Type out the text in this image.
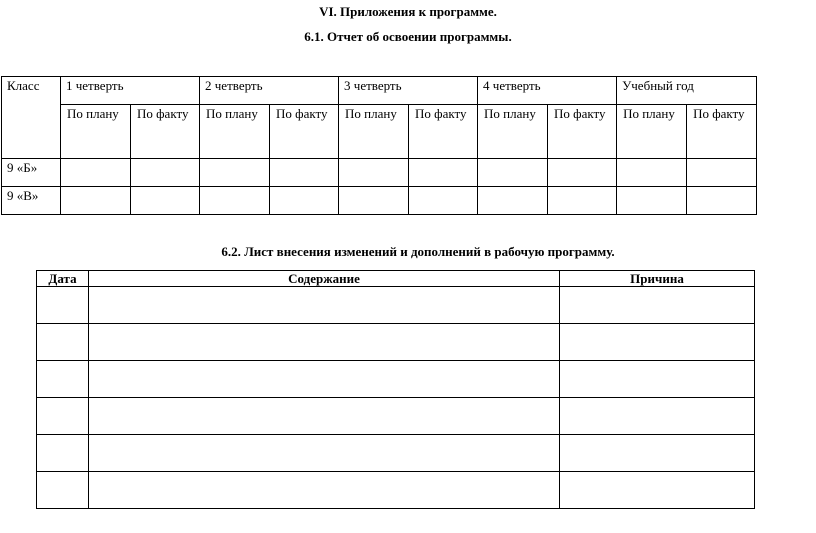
VI. Приложения к программе.
6.1. Отчет об освоении программы.
Класс	1 четверть		2 четверть		3 четверть		4 четверть		Учебный год	
	По плану	По факту	По плану	По факту	По плану	По факту	По плану	По факту	По плану	По факту
9 «Б»										
9 «В»										
6.2. Лист внесения изменений и дополнений в рабочую программу.
Дата	Содержание	Причина
